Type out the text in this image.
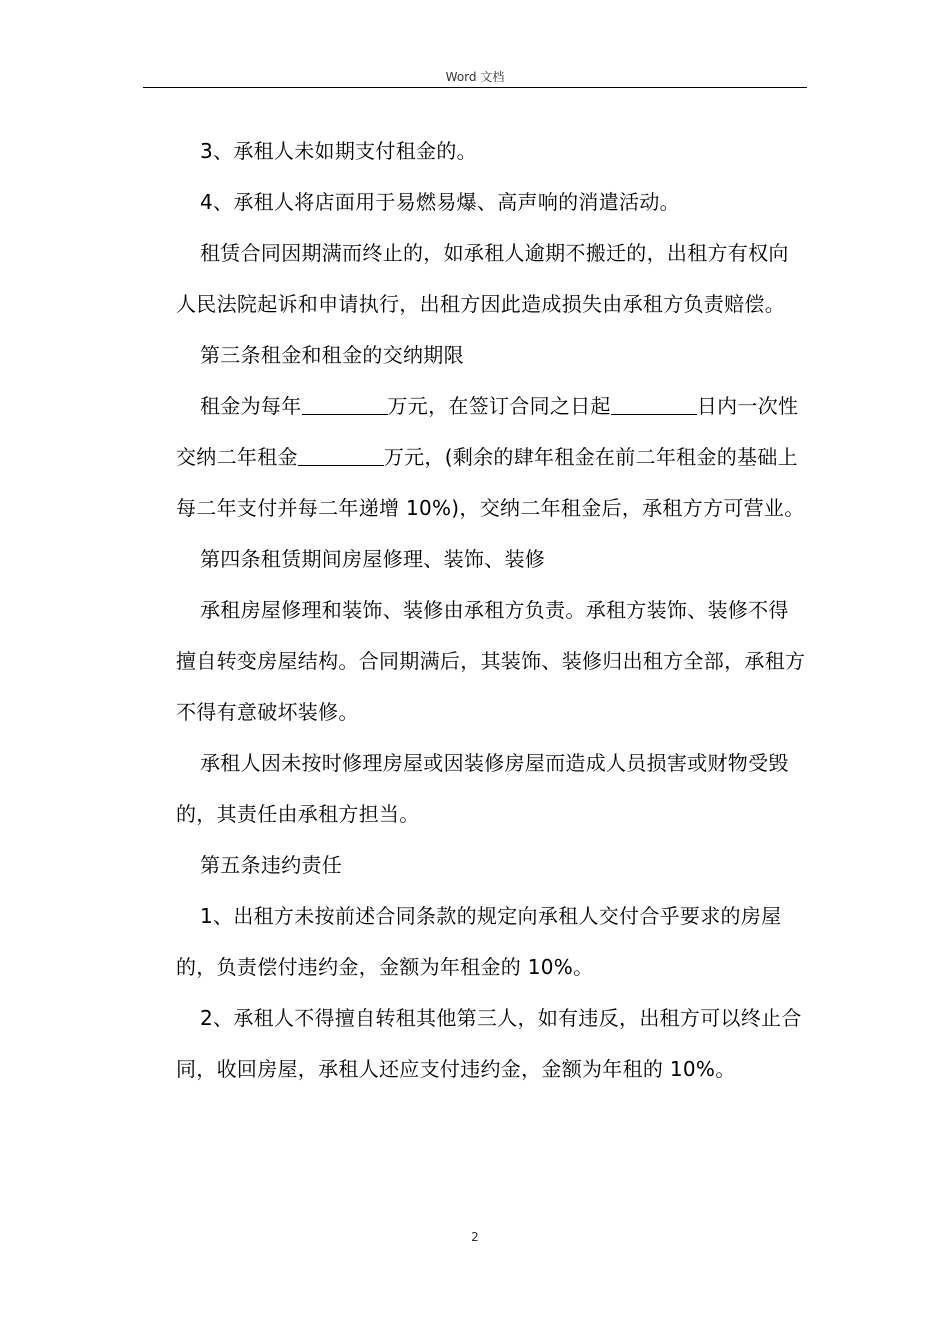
Word 文档

3、承租人未如期支付租金的。

4、承租人将店面用于易燃易爆、高声响的消遣活动。

租赁合同因期满而终止的，如承租人逾期不搬迁的，出租方有权向人民法院起诉和申请执行，出租方因此造成损失由承租方负责赔偿。

第三条租金和租金的交纳期限

租金为每年	万元，在签订合同之日起	日内一次性交纳二年租金	万元，(剩余的肆年租金在前二年租金的基础上每二年支付并每二年递增 10%)，交纳二年租金后，承租方方可营业。

第四条租赁期间房屋修理、装饰、装修

承租房屋修理和装饰、装修由承租方负责。承租方装饰、装修不得擅自转变房屋结构。合同期满后，其装饰、装修归出租方全部，承租方不得有意破坏装修。

承租人因未按时修理房屋或因装修房屋而造成人员损害或财物受毁的，其责任由承租方担当。

第五条违约责任

1、出租方未按前述合同条款的规定向承租人交付合乎要求的房屋的，负责偿付违约金，金额为年租金的 10%。

2、承租人不得擅自转租其他第三人，如有违反，出租方可以终止合同，收回房屋，承租人还应支付违约金，金额为年租的 10%。

2
